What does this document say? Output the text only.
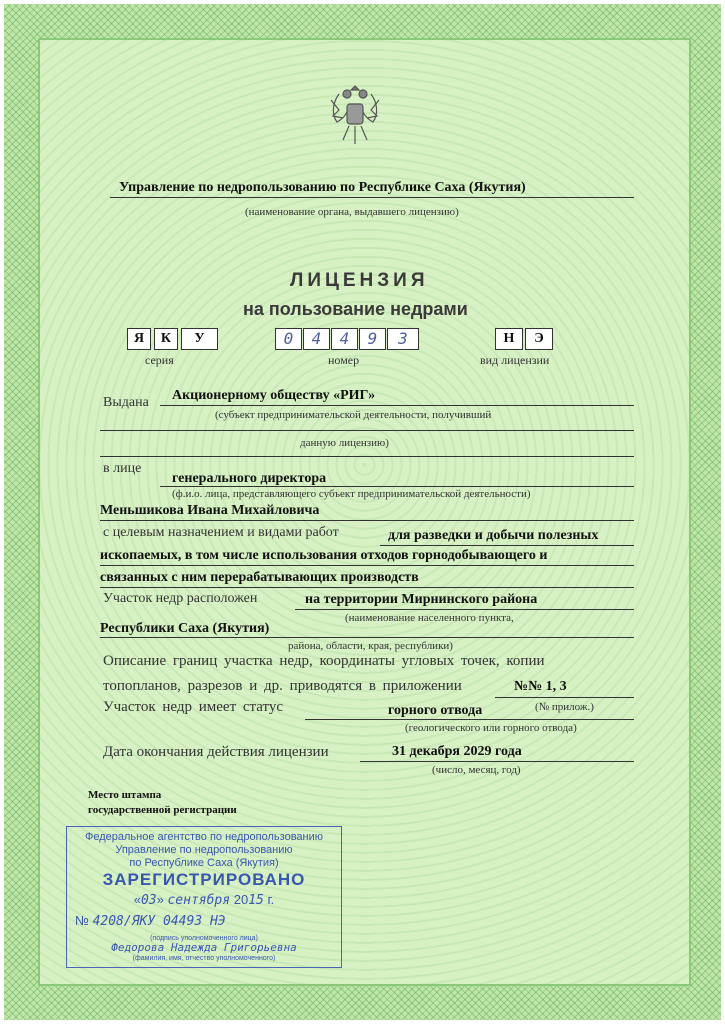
Управление по недропользованию по Республике Саха (Якутия)
(наименование органа, выдавшего лицензию)
ЛИЦЕНЗИЯ
на пользование недрами
Я	К	У
серия
0	4	4	9	3
номер
Н	Э
вид лицензии
Выдана Акционерному обществу «РИГ»
(субъект предпринимательской деятельности, получивший
данную лицензию)
в лице
генерального директора
(ф.и.о. лица, представляющего субъект предпринимательской деятельности)
Меньшикова Ивана Михайловича
с целевым назначением и видами работ	для разведки и добычи полезных
ископаемых, в том числе использования отходов горнодобывающего и
связанных с ним перерабатывающих производств
Участок недр расположен	на территории Мирнинского района
(наименование населенного пункта,
Республики Саха (Якутия)
района, области, края, республики)
Описание границ участка недр, координаты угловых точек, копии
топопланов, разрезов и др. приводятся в приложении	№№ 1, 3
(№ прилож.)
Участок недр имеет статус	горного отвода
(геологического или горного отвода)
Дата окончания действия лицензии	31 декабря 2029 года
(число, месяц, год)
Место штампа
государственной регистрации
Федеральное агентство по недропользованию
Управление по недропользованию
по Республике Саха (Якутия)
ЗАРЕГИСТРИРОВАНО
«03» сентября 2015 г.
№ 4208/ЯКУ 04493 НЭ
(подпись уполномоченного лица)
Федорова Надежда Григорьевна
(фамилия, имя, отчество уполномоченного)
